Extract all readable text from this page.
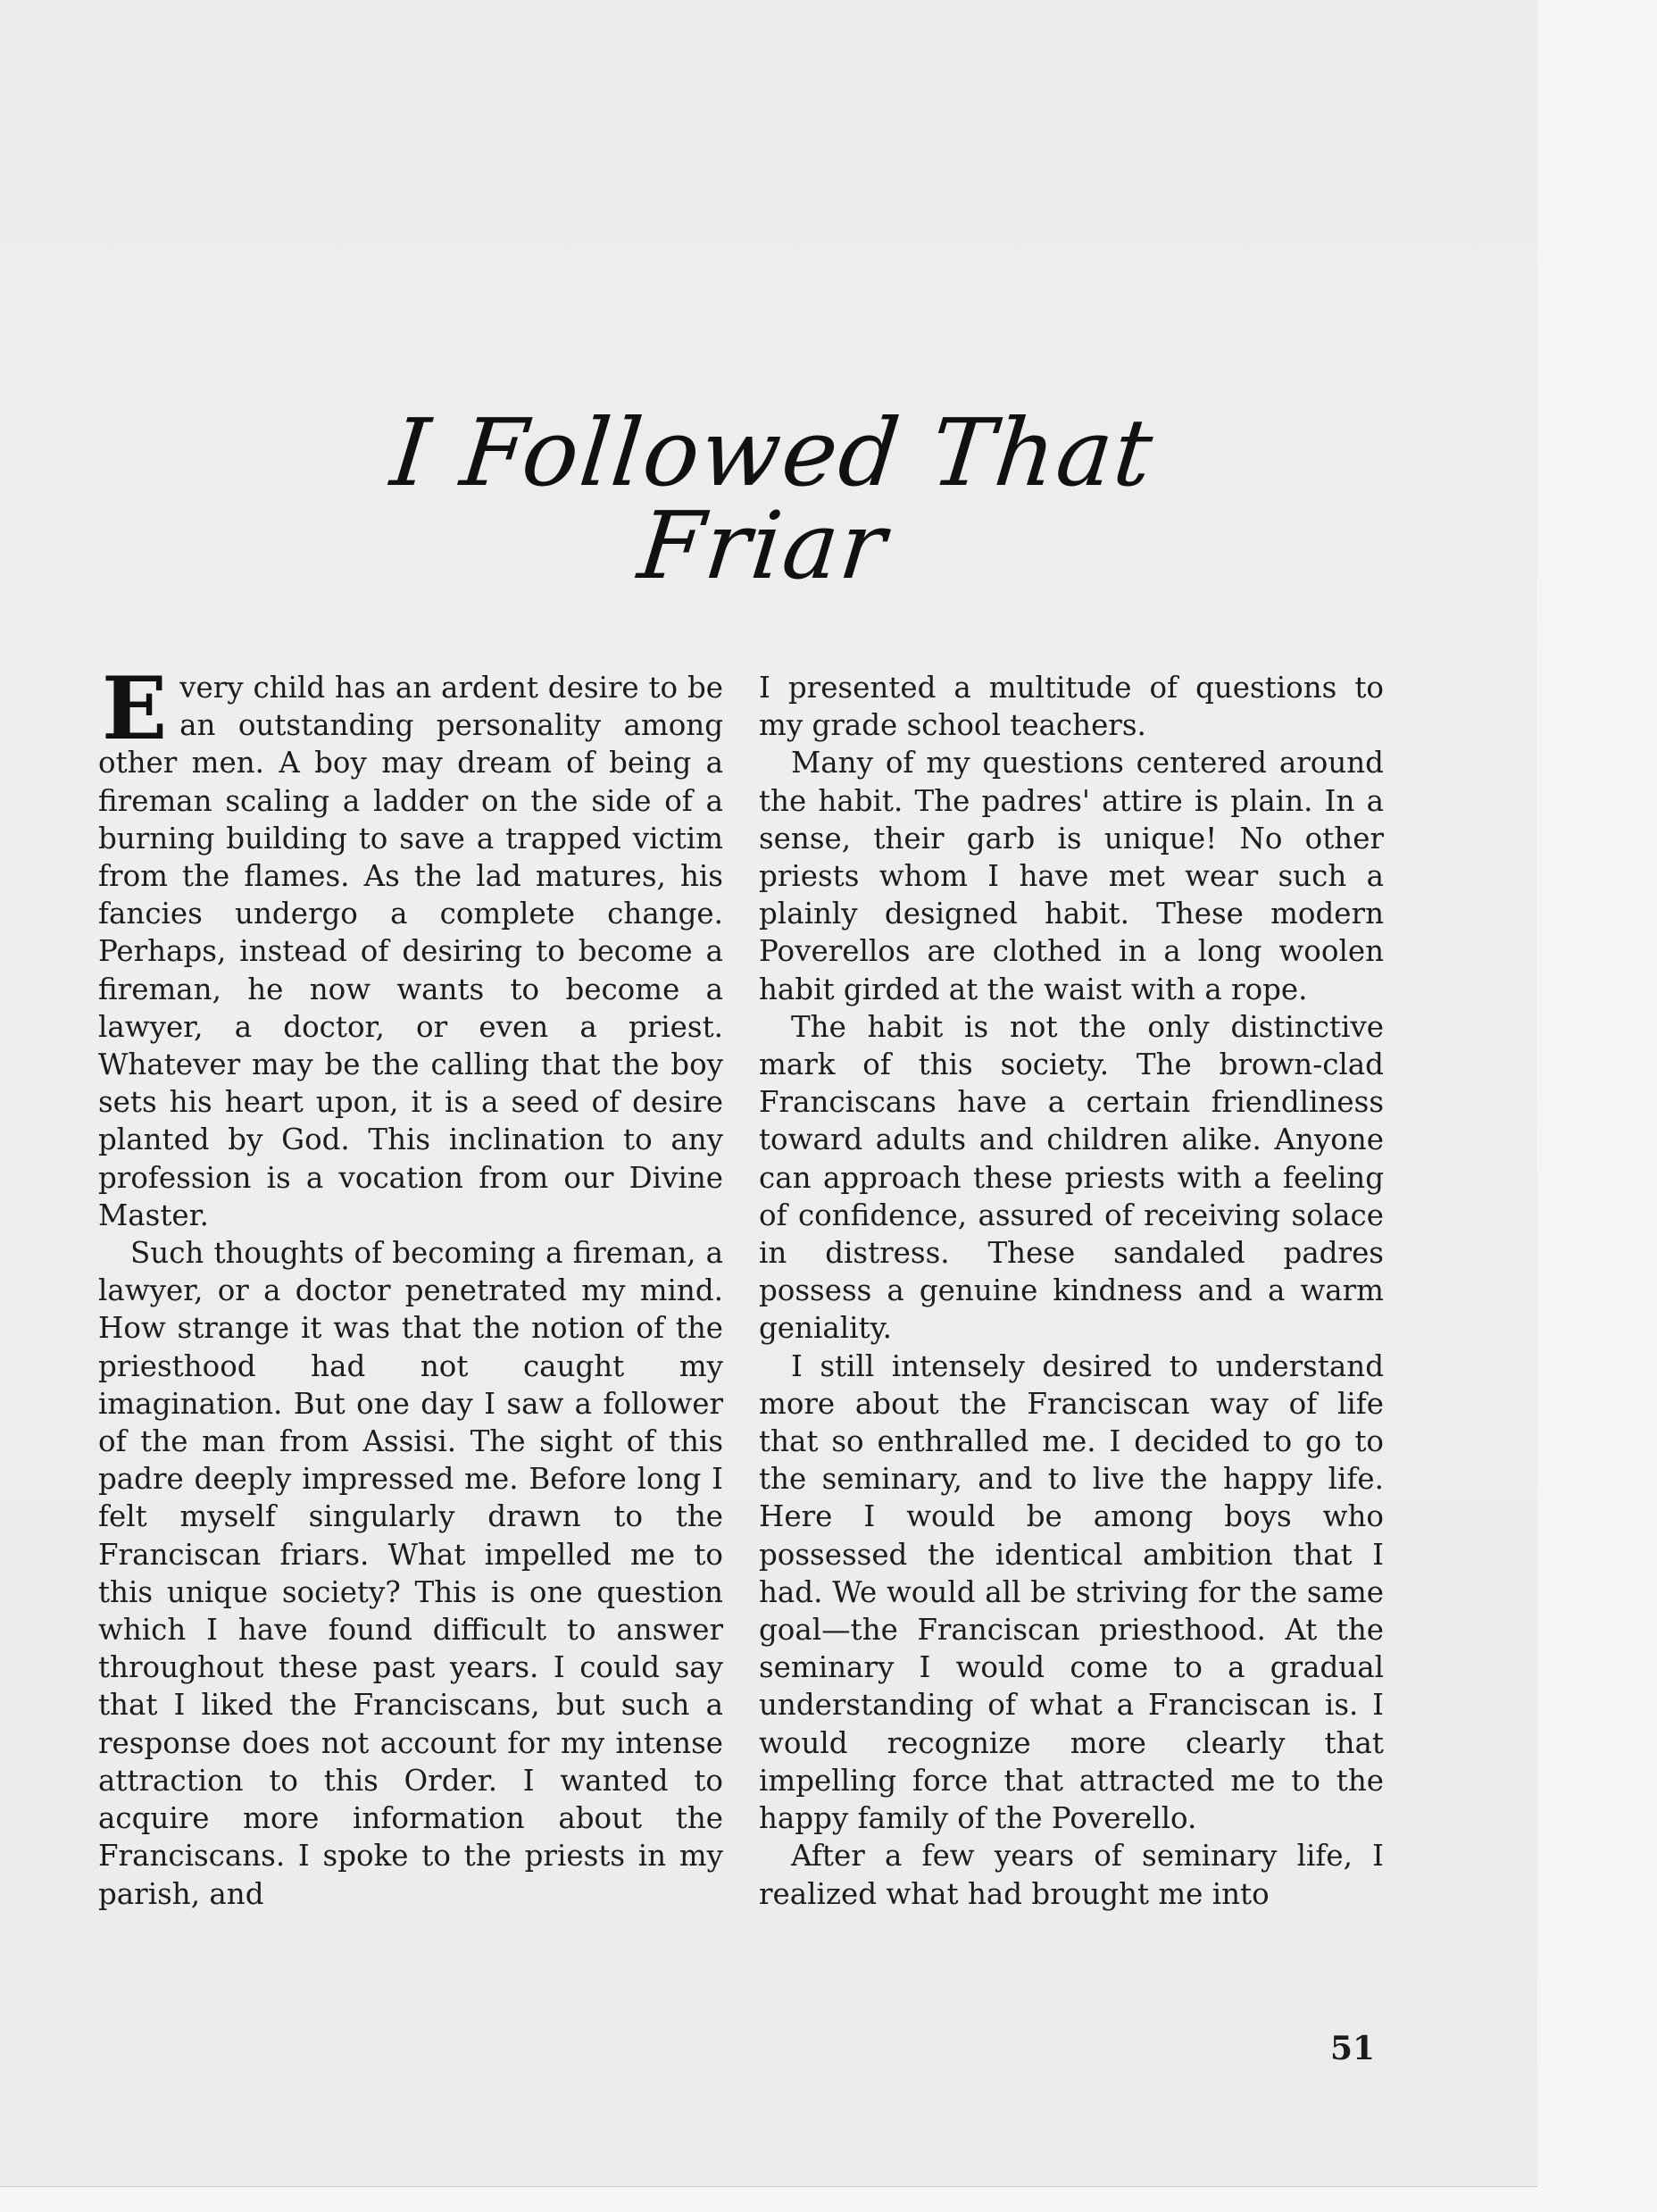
I Followed That Friar

Every child has an ardent desire to be an outstanding personality among other men. A boy may dream of being a fireman scaling a ladder on the side of a burning building to save a trapped victim from the flames. As the lad matures, his fancies undergo a complete change. Perhaps, instead of desiring to become a fireman, he now wants to become a lawyer, a doctor, or even a priest. Whatever may be the calling that the boy sets his heart upon, it is a seed of desire planted by God. This inclination to any profession is a vocation from our Divine Master.

Such thoughts of becoming a fireman, a lawyer, or a doctor penetrated my mind. How strange it was that the notion of the priesthood had not caught my imagination. But one day I saw a follower of the man from Assisi. The sight of this padre deeply impressed me. Before long I felt myself singularly drawn to the Franciscan friars. What impelled me to this unique society? This is one question which I have found difficult to answer throughout these past years. I could say that I liked the Franciscans, but such a response does not account for my intense attraction to this Order. I wanted to acquire more information about the Franciscans. I spoke to the priests in my parish, and

I presented a multitude of questions to my grade school teachers.

Many of my questions centered around the habit. The padres' attire is plain. In a sense, their garb is unique! No other priests whom I have met wear such a plainly designed habit. These modern Poverellos are clothed in a long woolen habit girded at the waist with a rope.

The habit is not the only distinctive mark of this society. The brown-clad Franciscans have a certain friendliness toward adults and children alike. Anyone can approach these priests with a feeling of confidence, assured of receiving solace in distress. These sandaled padres possess a genuine kindness and a warm geniality.

I still intensely desired to understand more about the Franciscan way of life that so enthralled me. I decided to go to the seminary, and to live the happy life. Here I would be among boys who possessed the identical ambition that I had. We would all be striving for the same goal—the Franciscan priesthood. At the seminary I would come to a gradual understanding of what a Franciscan is. I would recognize more clearly that impelling force that attracted me to the happy family of the Poverello.

After a few years of seminary life, I realized what had brought me into

51
